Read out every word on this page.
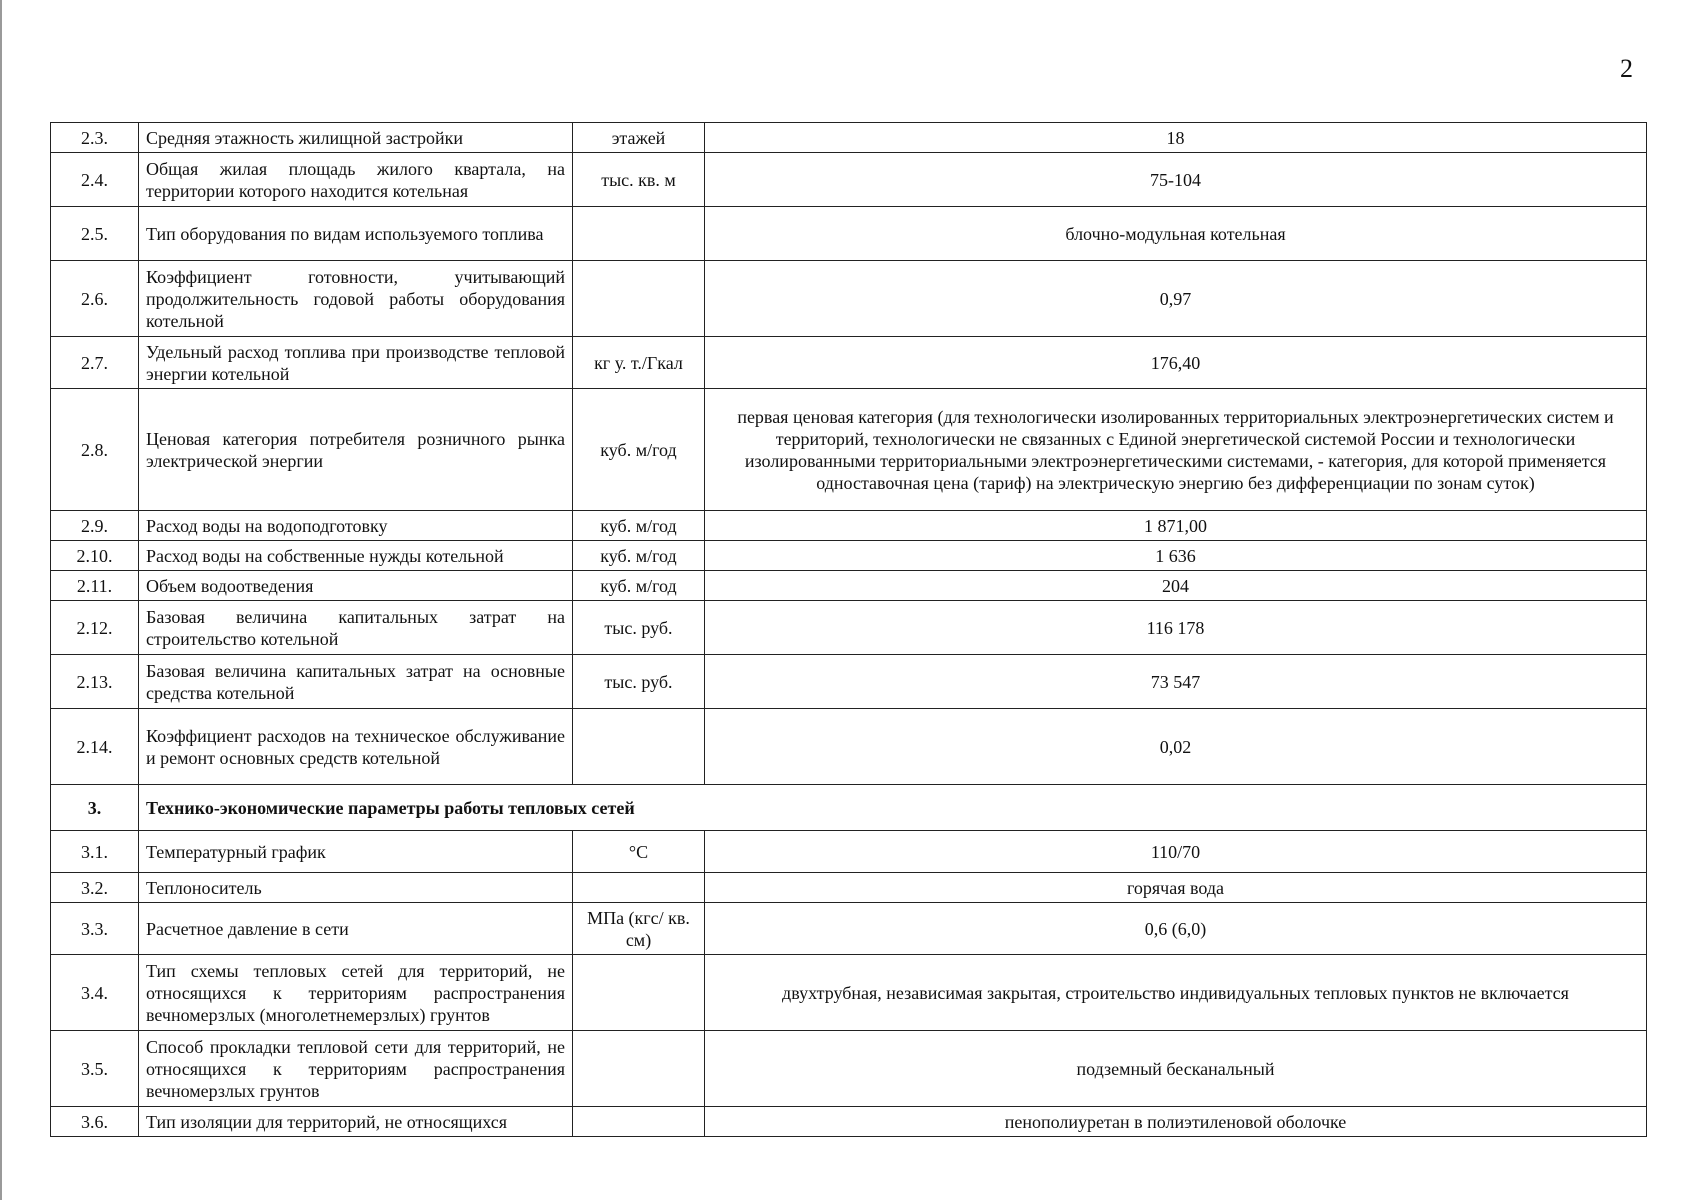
2
2.3.	Средняя этажность жилищной застройки	этажей	18
2.4.	Общая жилая площадь жилого квартала, на территории которого находится котельная	тыс. кв. м	75-104
2.5.	Тип оборудования по видам используемого топлива		блочно-модульная котельная
2.6.	Коэффициент готовности, учитывающий продолжительность годовой работы оборудования котельной		0,97
2.7.	Удельный расход топлива при производстве тепловой энергии котельной	кг у. т./Гкал	176,40
2.8.	Ценовая категория потребителя розничного рынка электрической энергии	куб. м/год	первая ценовая категория (для технологически изолированных территориальных электроэнергетических систем и территорий, технологически не связанных с Единой энергетической системой России и технологически изолированными территориальными электроэнергетическими системами, - категория, для которой применяется одноставочная цена (тариф) на электрическую энергию без дифференциации по зонам суток)
2.9.	Расход воды на водоподготовку	куб. м/год	1 871,00
2.10.	Расход воды на собственные нужды котельной	куб. м/год	1 636
2.11.	Объем водоотведения	куб. м/год	204
2.12.	Базовая величина капитальных затрат на строительство котельной	тыс. руб.	116 178
2.13.	Базовая величина капитальных затрат на основные средства котельной	тыс. руб.	73 547
2.14.	Коэффициент расходов на техническое обслуживание и ремонт основных средств котельной		0,02
3.	Технико-экономические параметры работы тепловых сетей		
3.1.	Температурный график	°C	110/70
3.2.	Теплоноситель		горячая вода
3.3.	Расчетное давление в сети	МПа (кгс/ кв. см)	0,6 (6,0)
3.4.	Тип схемы тепловых сетей для территорий, не относящихся к территориям распространения вечномерзлых (многолетнемерзлых) грунтов		двухтрубная, независимая закрытая, строительство индивидуальных тепловых пунктов не включается
3.5.	Способ прокладки тепловой сети для территорий, не относящихся к территориям распространения вечномерзлых грунтов		подземный бесканальный
3.6.	Тип изоляции для территорий, не относящихся		пенополиуретан в полиэтиленовой оболочке
